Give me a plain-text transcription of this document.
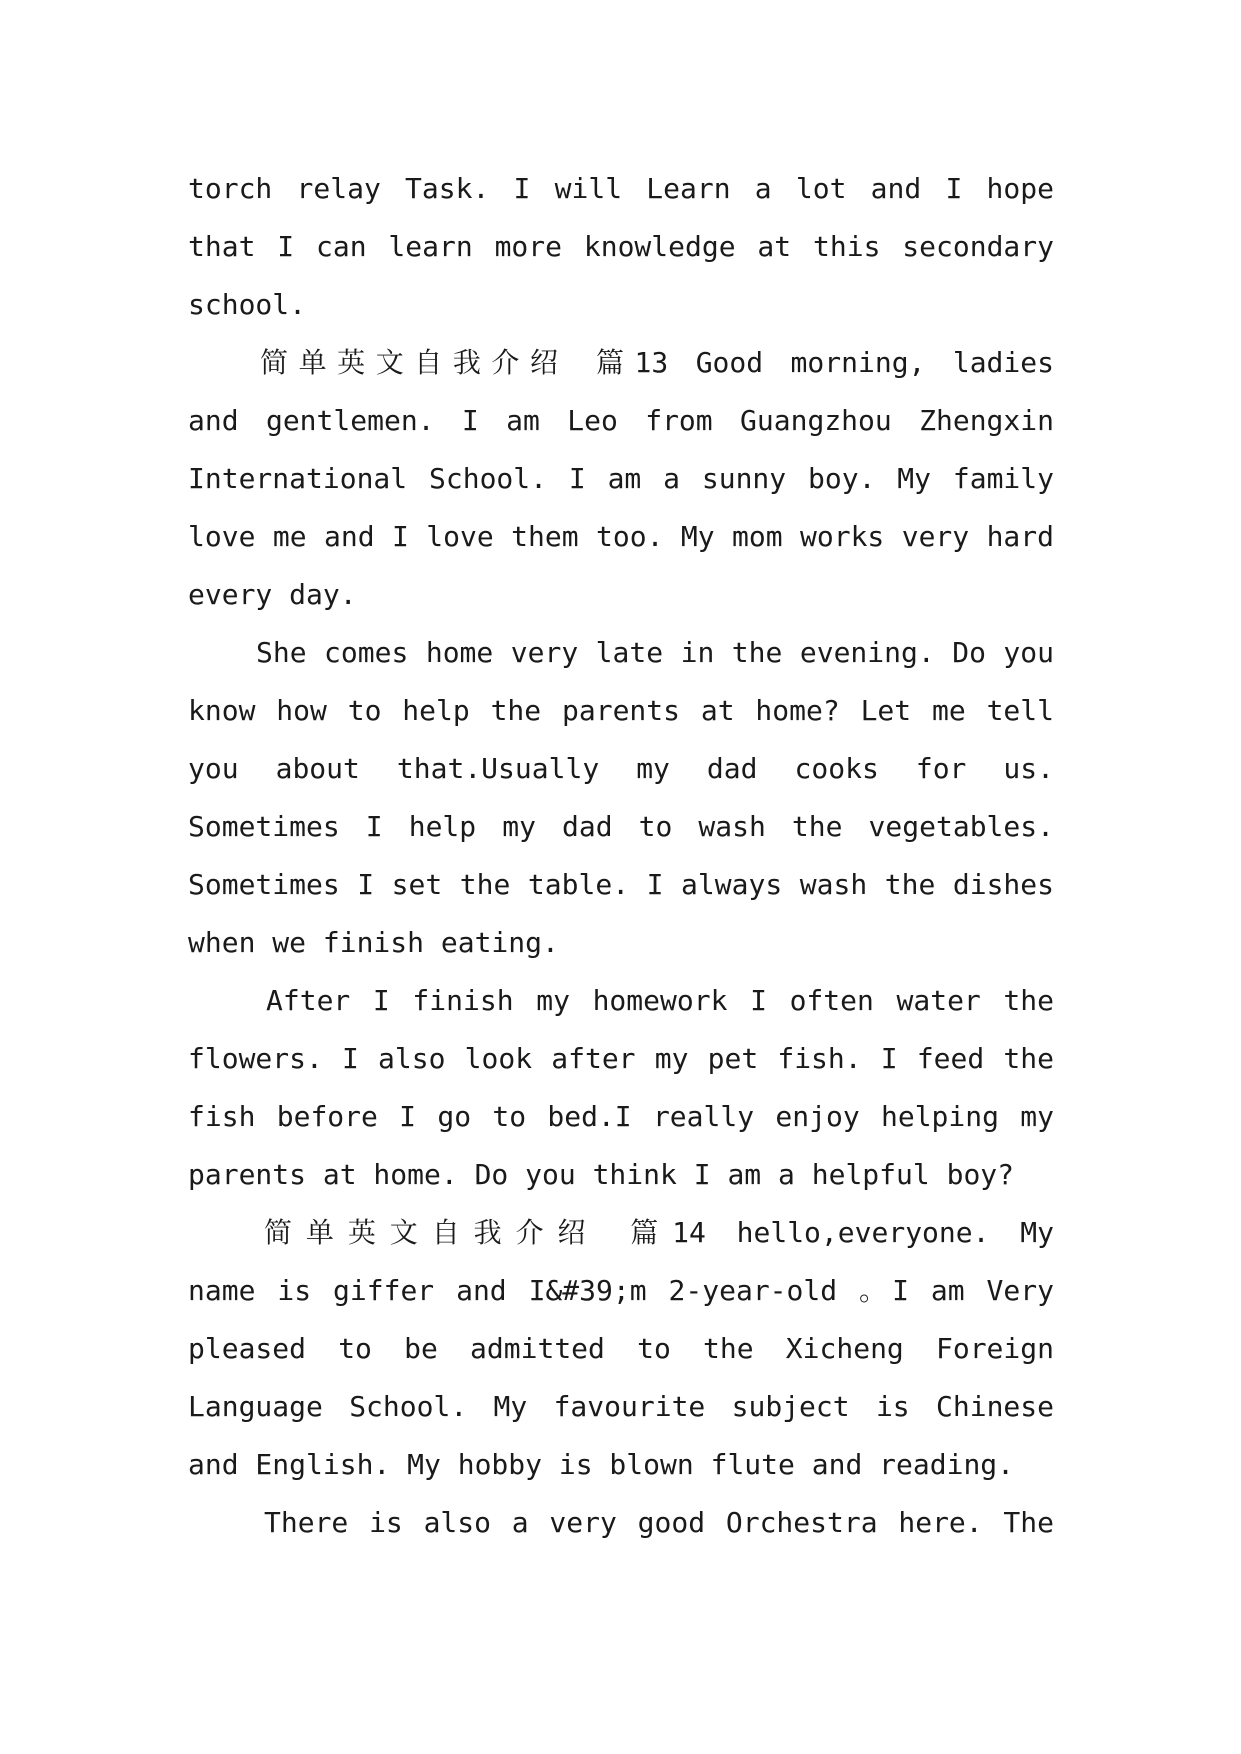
torch relay Task. I will Learn a lot and I hope
that I can learn more knowledge at this secondary
school.
简单英文自我介绍 篇13 Good morning, ladies
and gentlemen. I am Leo from Guangzhou Zhengxin
International School. I am a sunny boy. My family
love me and I love them too. My mom works very hard
every day.
She comes home very late in the evening. Do you
know how to help the parents at home? Let me tell
you about that.Usually my dad cooks for us.
Sometimes I help my dad to wash the vegetables.
Sometimes I set the table. I always wash the dishes
when we finish eating.
After I finish my homework I often water the
flowers. I also look after my pet fish. I feed the
fish before I go to bed.I really enjoy helping my
parents at home. Do you think I am a helpful boy?
简单英文自我介绍 篇14 hello,everyone. My
name is giffer and I&#39;m 2-year-old 。I am Very
pleased to be admitted to the Xicheng Foreign
Language School. My favourite subject is Chinese
and English. My hobby is blown flute and reading.
There is also a very good Orchestra here. The
